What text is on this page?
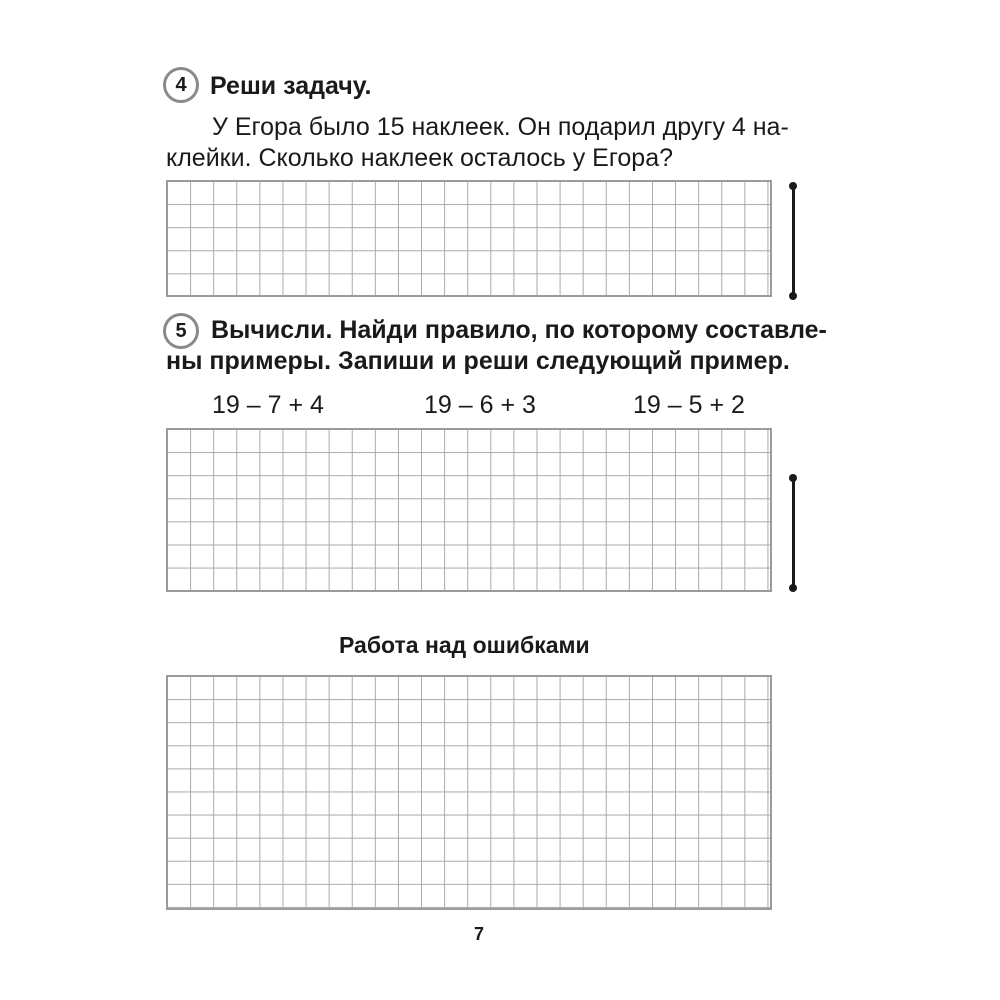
4 Реши задачу.
У Егора было 15 наклеек. Он подарил другу 4 на-
клейки. Сколько наклеек осталось у Егора?
5 Вычисли. Найди правило, по которому составле-
ны примеры. Запиши и реши следующий пример.
19 – 7 + 4	19 – 6 + 3	19 – 5 + 2
Работа над ошибками
7
